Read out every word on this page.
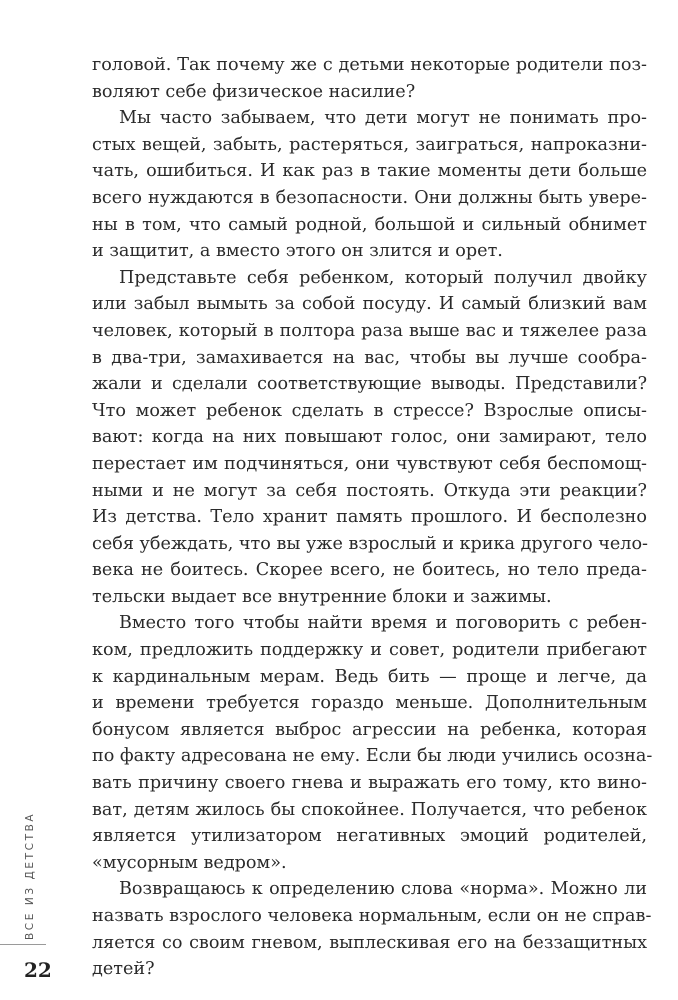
головой. Так почему же с детьми некоторые родители поз-
воляют себе физическое насилие?

Мы часто забываем, что дети могут не понимать про-
стых вещей, забыть, растеряться, заиграться, напроказни-
чать, ошибиться. И как раз в такие моменты дети больше
всего нуждаются в безопасности. Они должны быть уверe-
ны в том, что самый родной, большой и сильный обнимет
и защитит, а вместо этого он злится и орет.

Представьте себя ребенком, который получил двойку
или забыл вымыть за собой посуду. И самый близкий вам
человек, который в полтора раза выше вас и тяжелее раза
в два-три, замахивается на вас, чтобы вы лучше сообра-
жали и сделали соответствующие выводы. Представили?
Что может ребенок сделать в стрессе? Взрослые описы-
вают: когда на них повышают голос, они замирают, тело
перестает им подчиняться, они чувствуют себя беспомощ-
ными и не могут за себя постоять. Откуда эти реакции?
Из детства. Тело хранит память прошлого. И бесполезно
себя убеждать, что вы уже взрослый и крика другого чело-
века не боитесь. Скорее всего, не боитесь, но тело преда-
тельски выдает все внутренние блоки и зажимы.

Вместо того чтобы найти время и поговорить с ребен-
ком, предложить поддержку и совет, родители прибегают
к кардинальным мерам. Ведь бить — проще и легче, да
и времени требуется гораздо меньше. Дополнительным
бонусом является выброс агрессии на ребенка, которая
по факту адресована не ему. Если бы люди учились осозна-
вать причину своего гнева и выражать его тому, кто вино-
ват, детям жилось бы спокойнее. Получается, что ребенок
является утилизатором негативных эмоций родителей,
«мусорным ведром».

Возвращаюсь к определению слова «норма». Можно ли
назвать взрослого человека нормальным, если он не справ-
ляется со своим гневом, выплескивая его на беззащитных
детей?

ВСЕ ИЗ ДЕТСТВА
22
